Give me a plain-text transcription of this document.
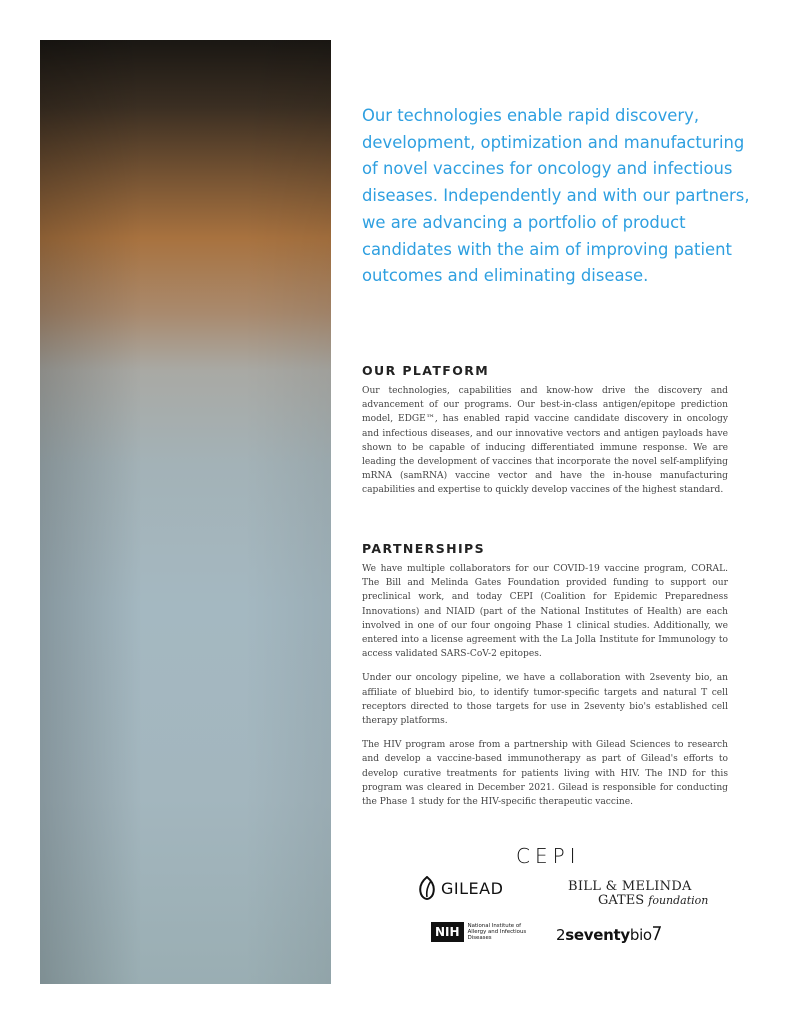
Our technologies enable rapid discovery, development, optimization and manufacturing of novel vaccines for oncology and infectious diseases. Independently and with our partners, we are advancing a portfolio of product candidates with the aim of improving patient outcomes and eliminating disease.

OUR PLATFORM

Our technologies, capabilities and know-how drive the discovery and advancement of our programs. Our best-in-class antigen/epitope prediction model, EDGE™, has enabled rapid vaccine candidate discovery in oncology and infectious diseases, and our innovative vectors and antigen payloads have shown to be capable of inducing differentiated immune response. We are leading the development of vaccines that incorporate the novel self-amplifying mRNA (samRNA) vaccine vector and have the in-house manufacturing capabilities and expertise to quickly develop vaccines of the highest standard.

PARTNERSHIPS

We have multiple collaborators for our COVID-19 vaccine program, CORAL. The Bill and Melinda Gates Foundation provided funding to support our preclinical work, and today CEPI (Coalition for Epidemic Preparedness Innovations) and NIAID (part of the National Institutes of Health) are each involved in one of our four ongoing Phase 1 clinical studies. Additionally, we entered into a license agreement with the La Jolla Institute for Immunology to access validated SARS-CoV-2 epitopes.

Under our oncology pipeline, we have a collaboration with 2seventy bio, an affiliate of bluebird bio, to identify tumor-specific targets and natural T cell receptors directed to those targets for use in 2seventy bio's established cell therapy platforms.

The HIV program arose from a partnership with Gilead Sciences to research and develop a vaccine-based immunotherapy as part of Gilead's efforts to develop curative treatments for patients living with HIV. The IND for this program was cleared in December 2021. Gilead is responsible for conducting the Phase 1 study for the HIV-specific therapeutic vaccine.

CEPI
GILEAD	BILL & MELINDA
GATES foundation
NIH	National Institute of Allergy and Infectious Diseases	2seventybio
